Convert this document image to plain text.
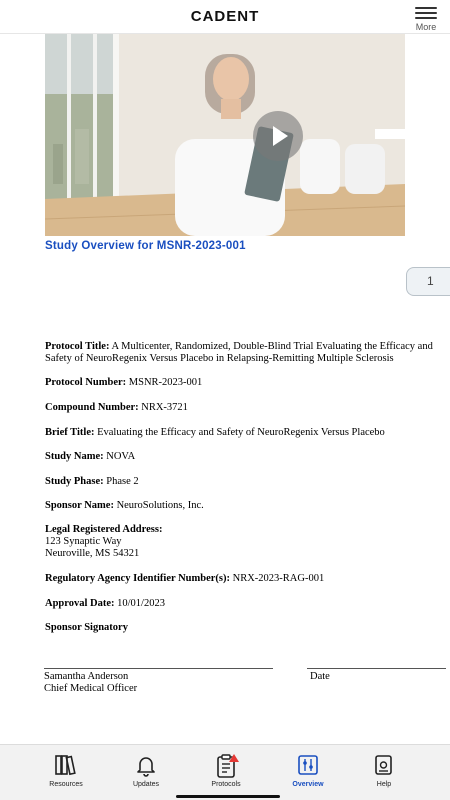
CADENT
More
Study Overview for MSNR-2023-001
1
Protocol Title: A Multicenter, Randomized, Double-Blind Trial Evaluating the Efficacy and
Safety of NeuroRegenix Versus Placebo in Relapsing-Remitting Multiple Sclerosis
Protocol Number: MSNR-2023-001
Compound Number: NRX-3721
Brief Title: Evaluating the Efficacy and Safety of NeuroRegenix Versus Placebo
Study Name: NOVA
Study Phase: Phase 2
Sponsor Name: NeuroSolutions, Inc.
Legal Registered Address:
123 Synaptic Way
Neuroville, MS 54321
Regulatory Agency Identifier Number(s): NRX-2023-RAG-001
Approval Date: 10/01/2023
Sponsor Signatory
Samantha Anderson
Chief Medical Officer
Date
Resources	Updates	Protocols	Overview	Help
